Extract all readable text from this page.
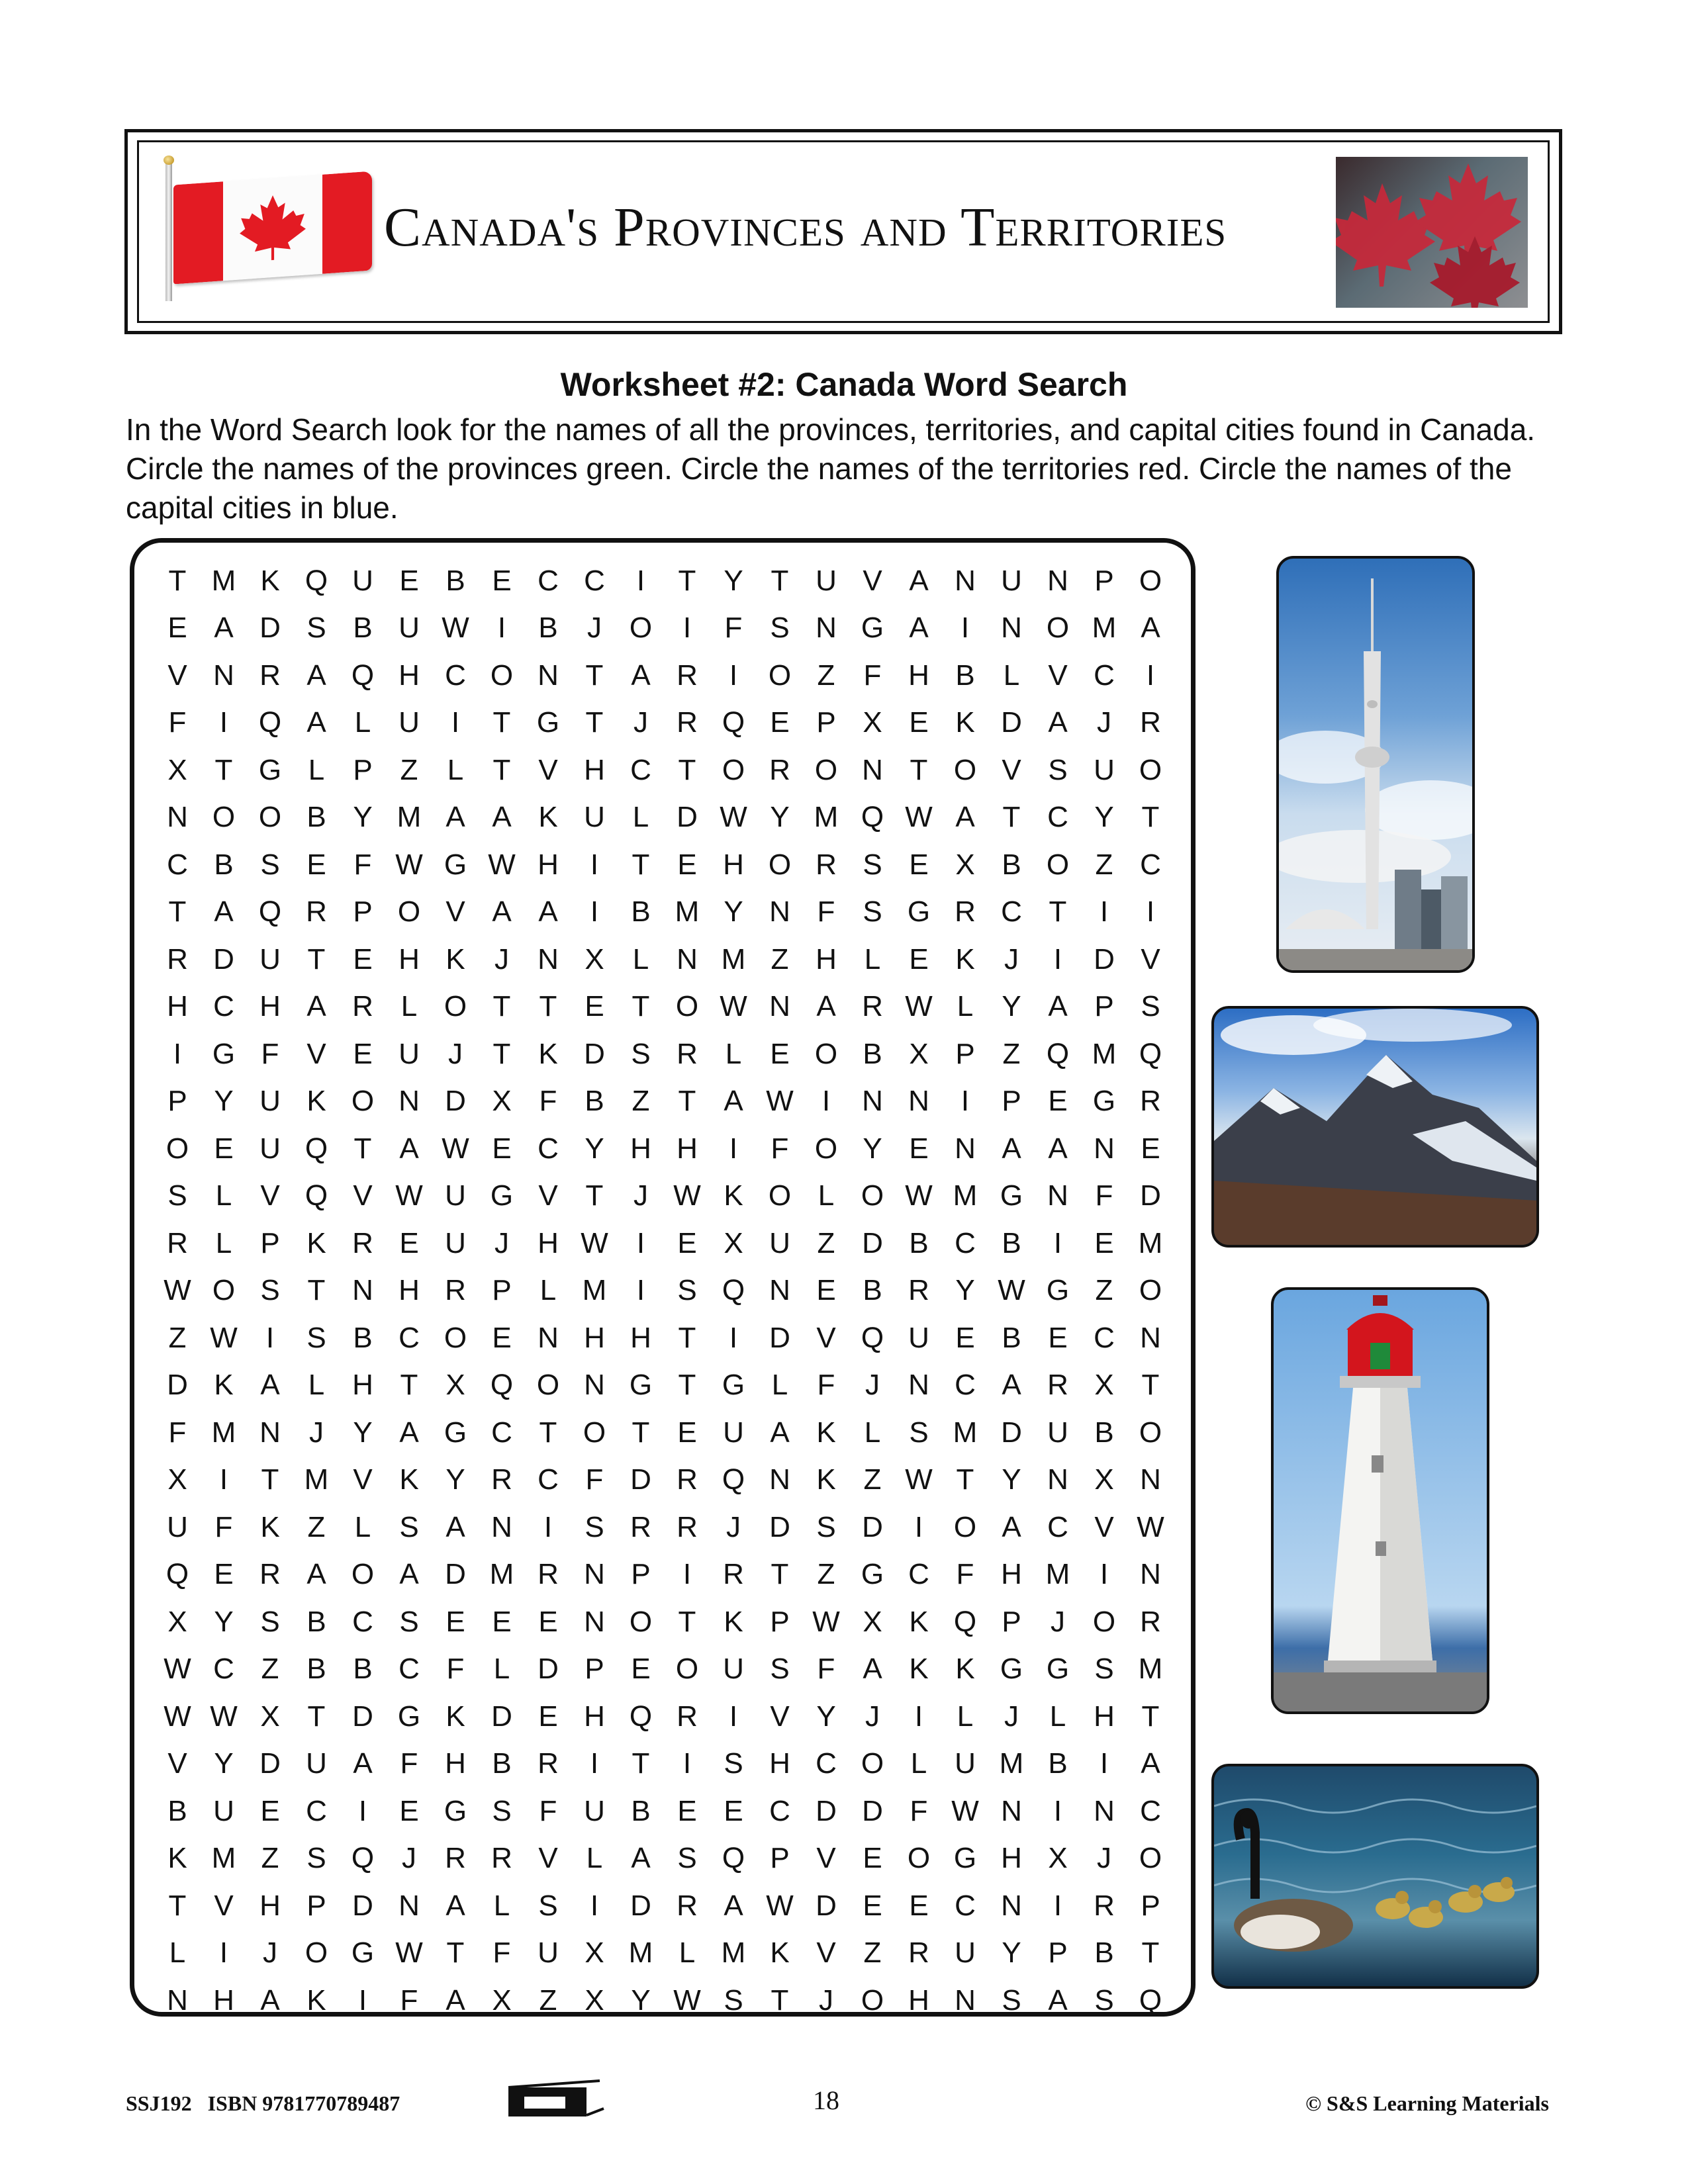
Canada's Provinces and Territories
Worksheet #2: Canada Word Search
In the Word Search look for the names of all the provinces, territories, and capital cities found in Canada. Circle the names of the provinces green. Circle the names of the territories red. Circle the names of the capital cities in blue.
T M K Q U E B E C C	I	T Y T U V A N U N P O
E A D S B U W I	B	J O	I	F S N G A	I	N O M A
V N R A Q H C O N T A R	I	O Z F H B L V C	I
F	I	Q A L U	I	T G T	J R Q E P X E K D A	J R
X T G L P Z	L	T V H C T O R O N T O V S U O
N O O B Y M A A K U L D W Y M Q W A T C Y T
C B S E F W G W H	I	T E H O R S E X B O Z C
T A Q R P O V A A	I	B M Y N F S G R C T	I	I
R D U T E H K	J N X L N M Z H L E K	J	I	D V
H C H A R L O T T E T O W N A R W L Y A P S
I	G F V E U J	T K D S R L E O B X P Z Q M Q
P Y U K O N D X F B Z T A W I	N N	I	P E G R
O E U Q T A W E C Y H H	I	F O Y E N A A N E
S L V Q V W U G V T	J W K O L O W M G N F D
R L P K R E U J H W I	E X U Z D B C B	I	E M
W O S T N H R P L M	I	S Q N E B R Y W G Z O
Z W I	S B C O E N H H T	I	D V Q U E B E C N
D K A L H T X Q O N G T G L	F	J N C A R X T
F M N J	Y A G C T O T E U A K L S M D U B O
X	I	T M V K Y R C F D R Q N K Z W T Y N X N
U F K Z	L S A N	I	S R R J D S D	I	O A C V W
Q E R A O A D M R N P	I	R T Z G C F H M	I	N
X Y S B C S E E E N O T K P W X K Q P	J O R
W C Z B B C F	L D P E O U S F A K K G G S M
W W X T D G K D E H Q R	I	V Y	J	I	L	J	L H T
V Y D U A F H B R	I	T	I	S H C O L U M B	I	A
B U E C	I	E G S F U B E E C D D F W N	I	N C
K M Z S Q J R R V L A S Q P V E O G H X	J O
T V H P D N A L S	I	D R A W D E E C N	I	R P
L	I	J O G W T F U X M L M K V Z R U Y P B T
N H A K	I	F A X Z X Y W S T	J O H N S A S Q
SSJ192   ISBN 9781770789487	18	© S&S Learning Materials
